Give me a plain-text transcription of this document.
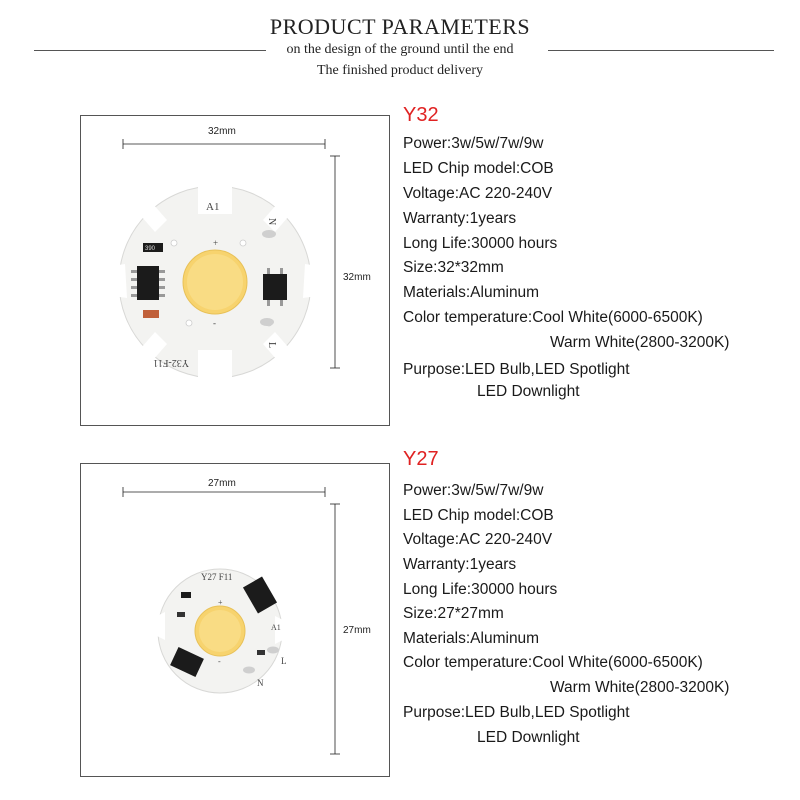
PRODUCT PARAMETERS
on the design of the ground until the end
The finished product delivery
32mm
32mm
390
A1
+
-
N
L
Y32-F11
Y32
Power:3w/5w/7w/9w
LED Chip model:COB
Voltage:AC 220-240V
Warranty:1years
Long Life:30000 hours
Size:32*32mm
Materials:Aluminum
Color temperature:Cool White(6000-6500K)
Warm White(2800-3200K)
Purpose:LED Bulb,LED Spotlight
LED Downlight
27mm
27mm
Y27 F11
A1
+
-
N
L
Y27
Power:3w/5w/7w/9w
LED Chip model:COB
Voltage:AC 220-240V
Warranty:1years
Long Life:30000 hours
Size:27*27mm
Materials:Aluminum
Color temperature:Cool White(6000-6500K)
Warm White(2800-3200K)
Purpose:LED Bulb,LED Spotlight
LED Downlight
